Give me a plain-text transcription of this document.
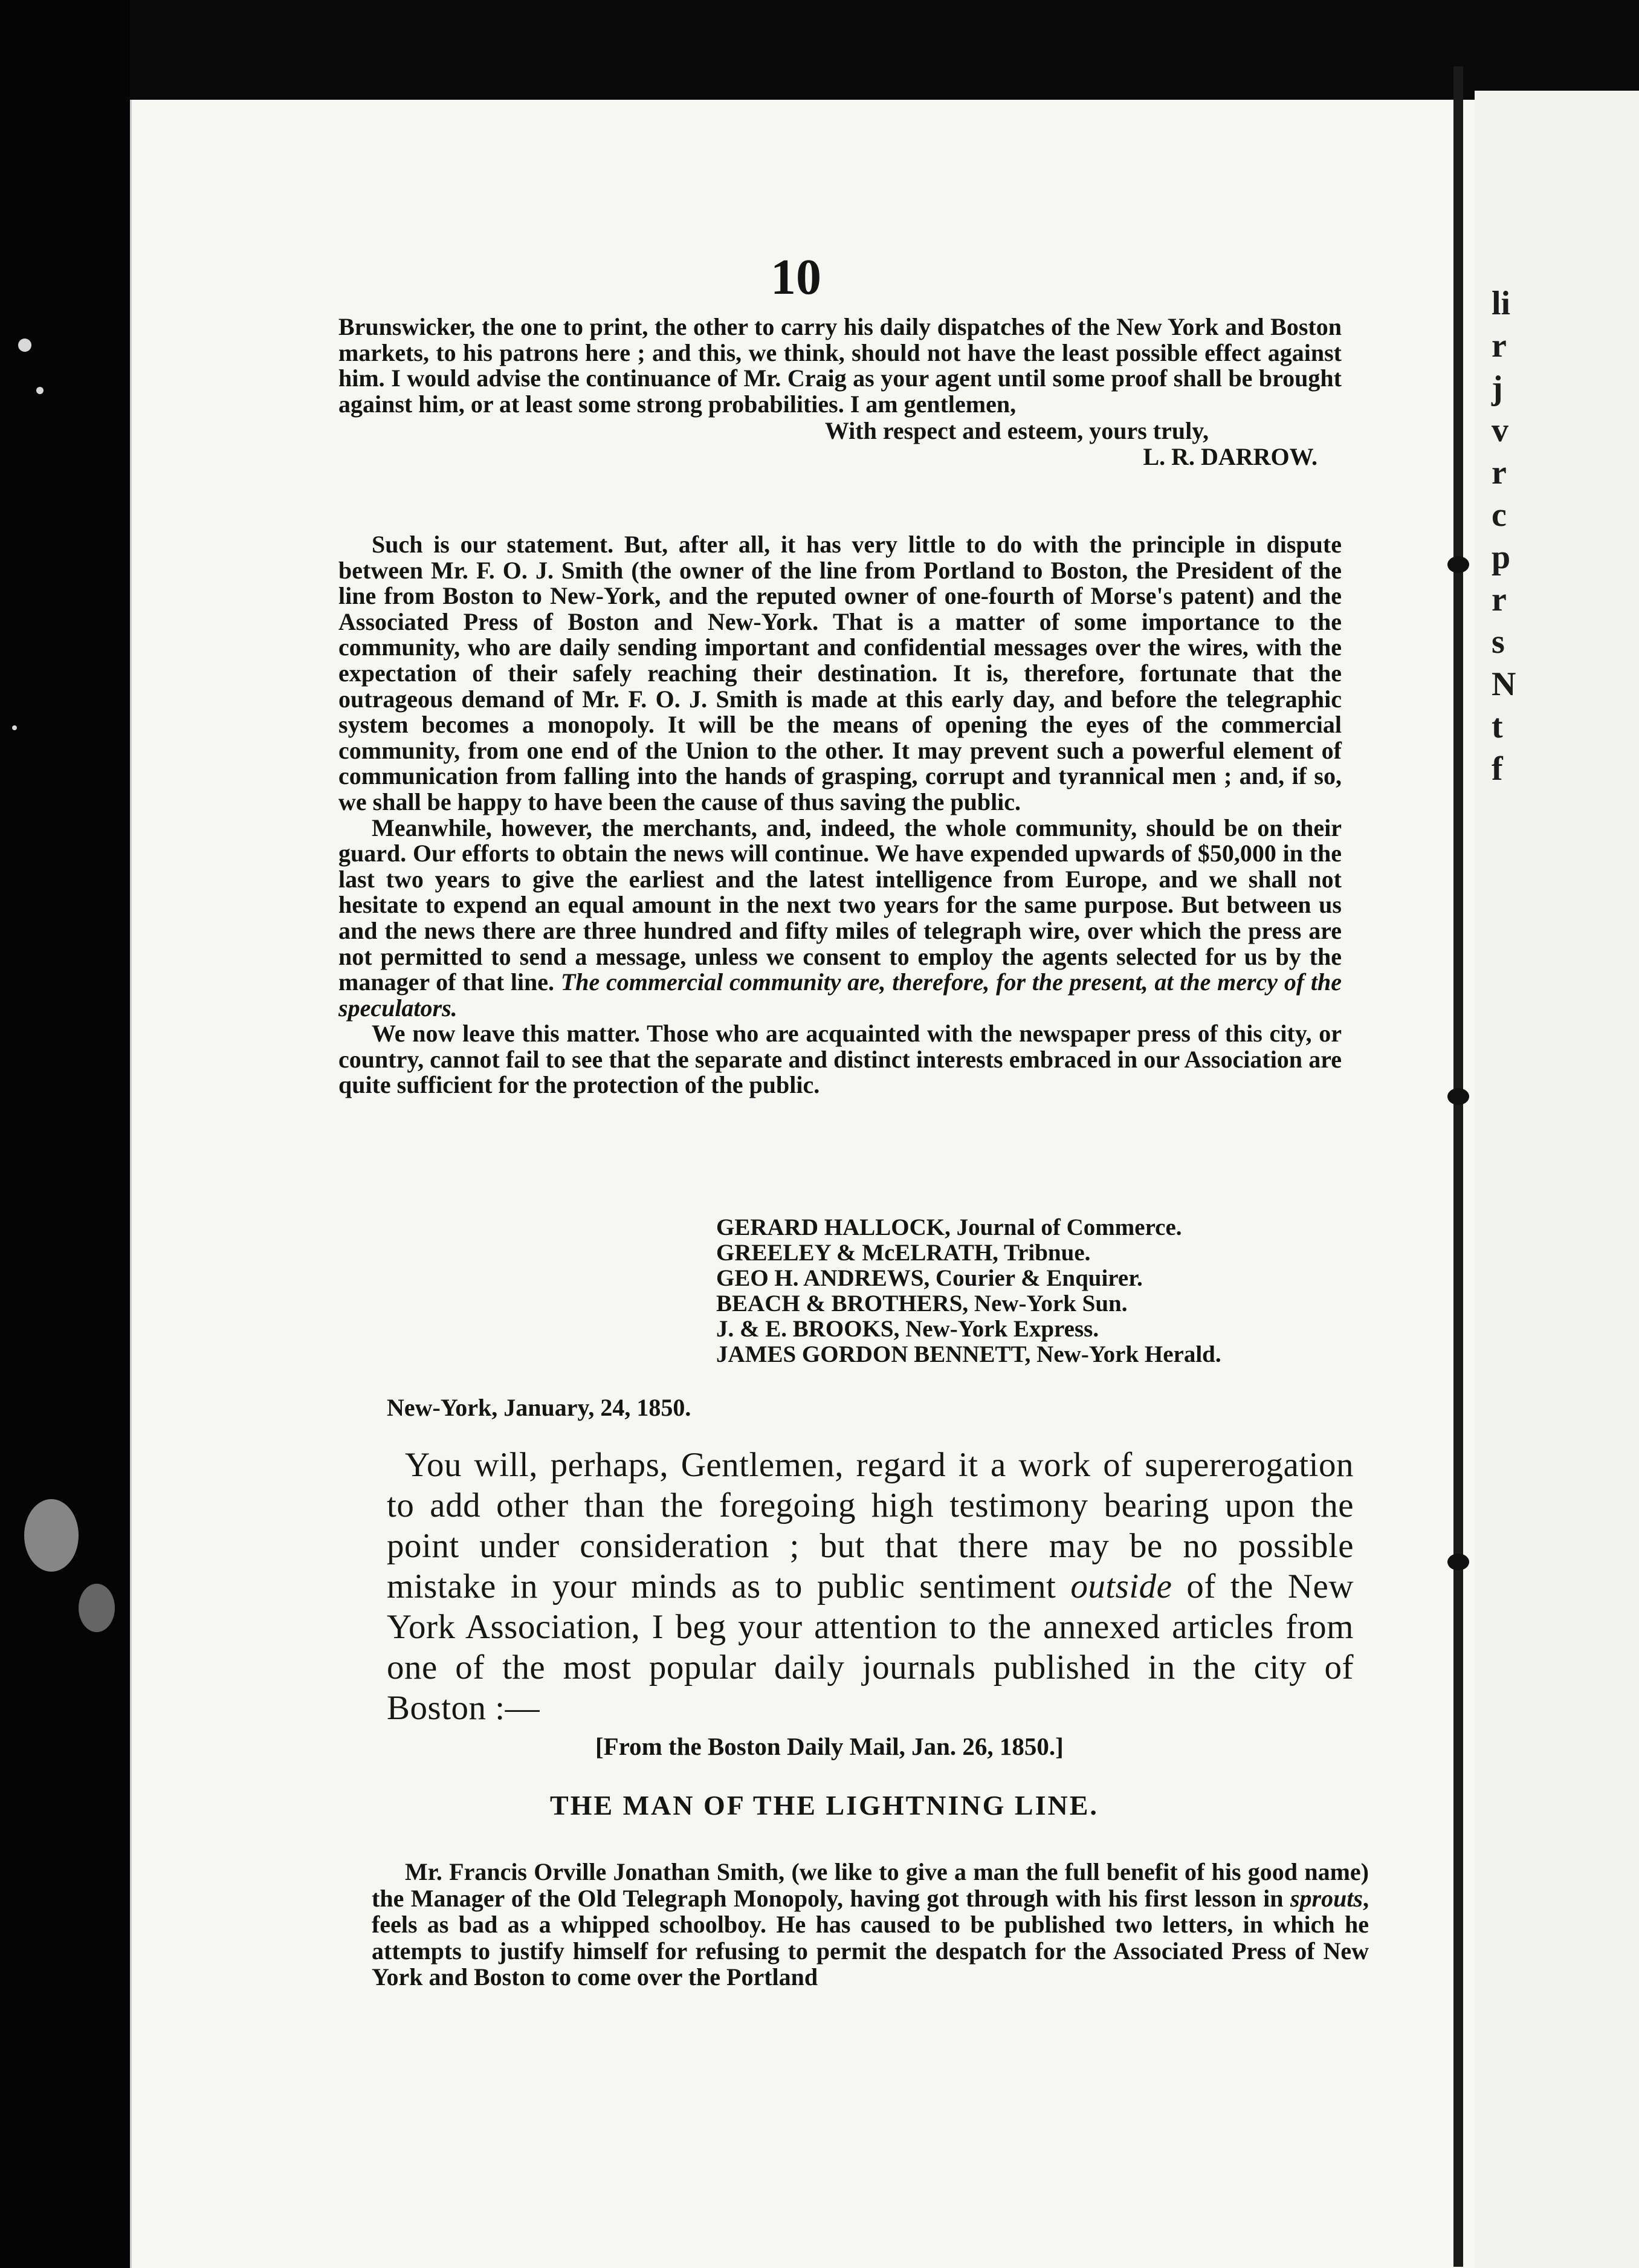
li
r
j
v
r
c
p
r
s
N
t
f
10

Brunswicker, the one to print, the other to carry his daily dispatches of the New York and Boston markets, to his patrons here ; and this, we think, should not have the least possible effect against him. I would advise the continuance of Mr. Craig as your agent until some proof shall be brought against him, or at least some strong probabilities. I am gentlemen,

With respect and esteem, yours truly,
L. R. DARROW.

Such is our statement. But, after all, it has very little to do with the principle in dispute between Mr. F. O. J. Smith (the owner of the line from Portland to Boston, the President of the line from Boston to New-York, and the reputed owner of one-fourth of Morse's patent) and the Associated Press of Boston and New-York. That is a matter of some importance to the community, who are daily sending important and confidential messages over the wires, with the expectation of their safely reaching their destination. It is, therefore, fortunate that the outrageous demand of Mr. F. O. J. Smith is made at this early day, and before the telegraphic system becomes a monopoly. It will be the means of opening the eyes of the commercial community, from one end of the Union to the other. It may prevent such a powerful element of communication from falling into the hands of grasping, corrupt and tyrannical men ; and, if so, we shall be happy to have been the cause of thus saving the public.

Meanwhile, however, the merchants, and, indeed, the whole community, should be on their guard. Our efforts to obtain the news will continue. We have expended upwards of $50,000 in the last two years to give the earliest and the latest intelligence from Europe, and we shall not hesitate to expend an equal amount in the next two years for the same purpose. But between us and the news there are three hundred and fifty miles of telegraph wire, over which the press are not permitted to send a message, unless we consent to employ the agents selected for us by the manager of that line. The commercial community are, therefore, for the present, at the mercy of the speculators.

We now leave this matter. Those who are acquainted with the newspaper press of this city, or country, cannot fail to see that the separate and distinct interests embraced in our Association are quite sufficient for the protection of the public.

GERARD HALLOCK, Journal of Commerce.
GREELEY & McELRATH, Tribnue.
GEO H. ANDREWS, Courier & Enquirer.
BEACH & BROTHERS, New-York Sun.
J. & E. BROOKS, New-York Express.
JAMES GORDON BENNETT, New-York Herald.
New-York, January, 24, 1850.

You will, perhaps, Gentlemen, regard it a work of supererogation to add other than the foregoing high testimony bearing upon the point under consideration ; but that there may be no possible mistake in your minds as to public sentiment outside of the New York Association, I beg your attention to the annexed articles from one of the most popular daily journals published in the city of Boston :—

[From the Boston Daily Mail, Jan. 26, 1850.]
THE MAN OF THE LIGHTNING LINE.

Mr. Francis Orville Jonathan Smith, (we like to give a man the full benefit of his good name) the Manager of the Old Telegraph Monopoly, having got through with his first lesson in sprouts, feels as bad as a whipped schoolboy. He has caused to be published two letters, in which he attempts to justify himself for refusing to permit the despatch for the Associated Press of New York and Boston to come over the Portland
